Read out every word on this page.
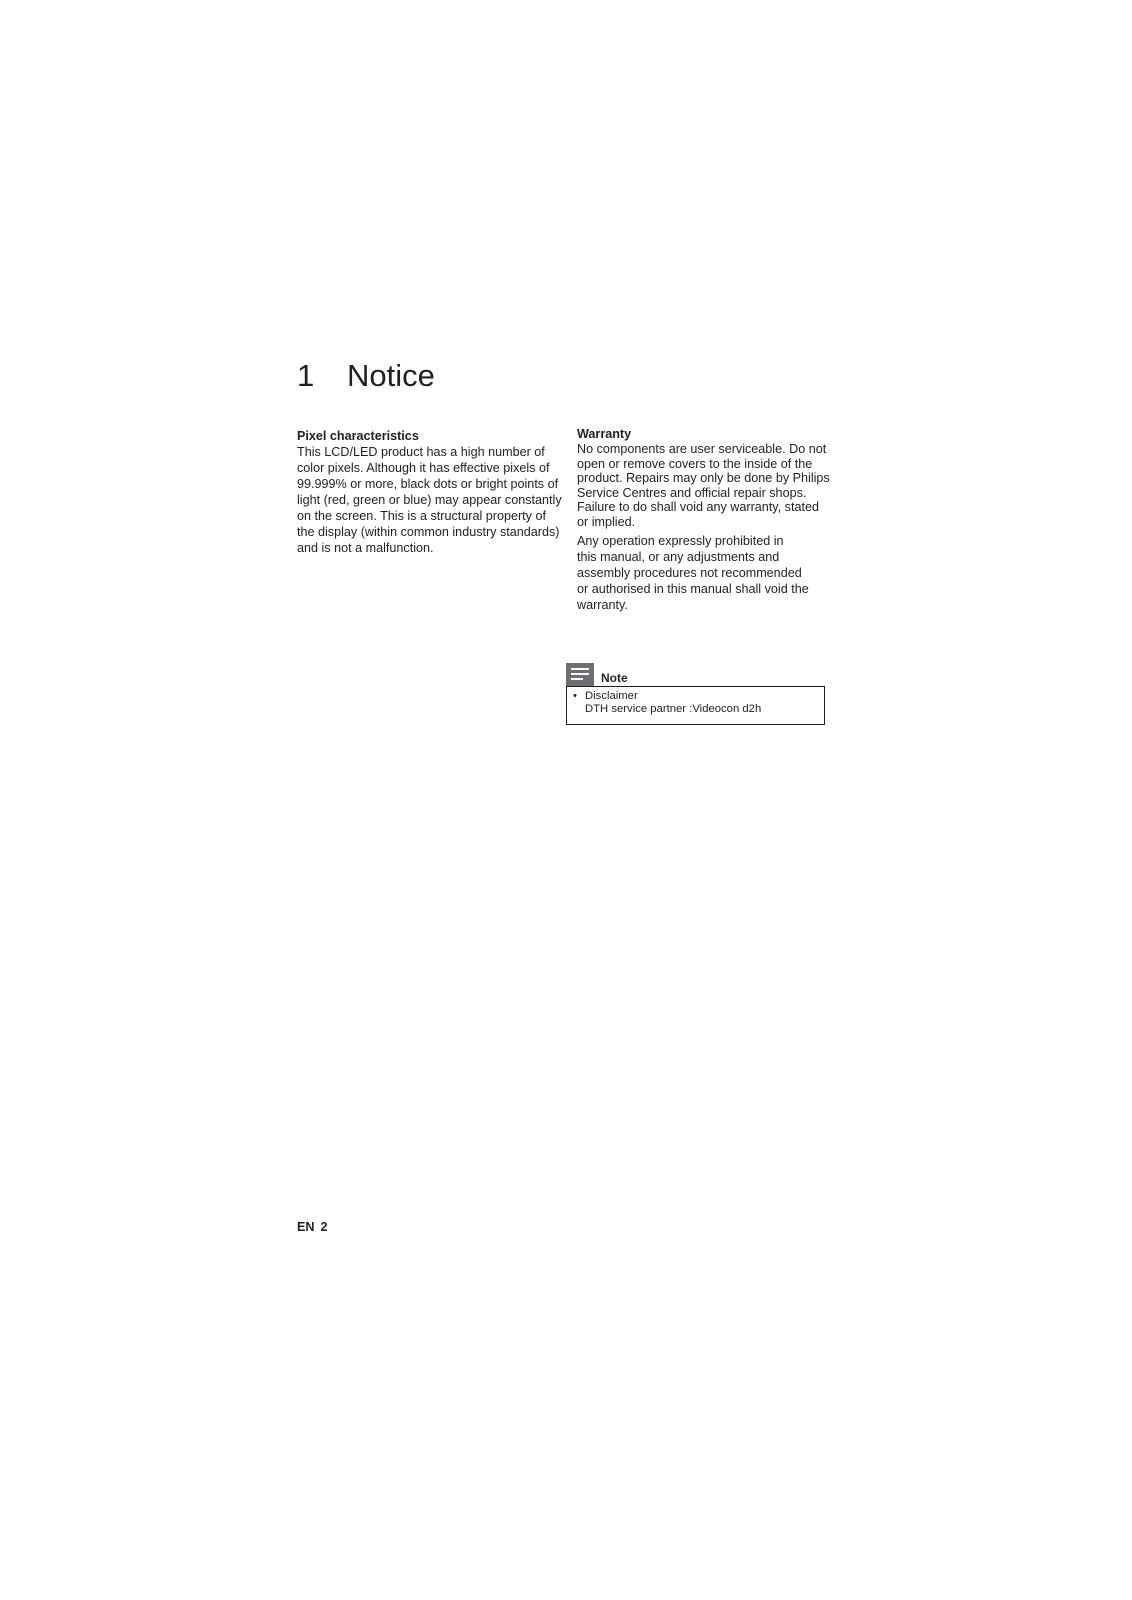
1 Notice
Pixel characteristics

This LCD/LED product has a high number of
color pixels. Although it has effective pixels of
99.999% or more, black dots or bright points of
light (red, green or blue) may appear constantly
on the screen. This is a structural property of
the display (within common industry standards)
and is not a malfunction.

Warranty

No components are user serviceable. Do not
open or remove covers to the inside of the
product. Repairs may only be done by Philips
Service Centres and official repair shops.
Failure to do shall void any warranty, stated
or implied.

Any operation expressly prohibited in
this manual, or any adjustments and
assembly procedures not recommended
or authorised in this manual shall void the
warranty.

Note
• Disclaimer
DTH service partner :Videocon d2h
EN 2
